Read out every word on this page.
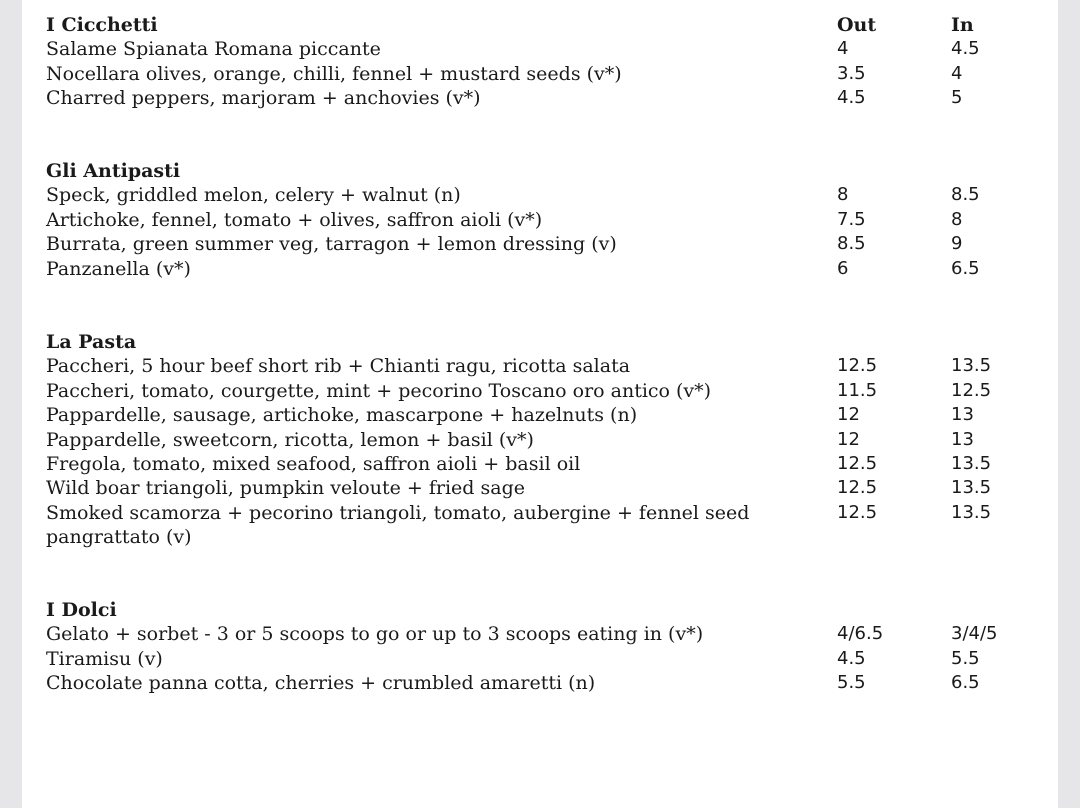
I Cicchetti	Out	In
Salame Spianata Romana piccante	4	4.5
Nocellara olives, orange, chilli, fennel + mustard seeds (v*)	3.5	4
Charred peppers, marjoram + anchovies (v*)	4.5	5
Gli Antipasti
Speck, griddled melon, celery + walnut (n)	8	8.5
Artichoke, fennel, tomato + olives, saffron aioli (v*)	7.5	8
Burrata, green summer veg, tarragon + lemon dressing (v)	8.5	9
Panzanella (v*)	6	6.5
La Pasta
Paccheri, 5 hour beef short rib + Chianti ragu, ricotta salata	12.5	13.5
Paccheri, tomato, courgette, mint + pecorino Toscano oro antico (v*)	11.5	12.5
Pappardelle, sausage, artichoke, mascarpone + hazelnuts (n)	12	13
Pappardelle, sweetcorn, ricotta, lemon + basil (v*)	12	13
Fregola, tomato, mixed seafood, saffron aioli + basil oil	12.5	13.5
Wild boar triangoli, pumpkin veloute + fried sage	12.5	13.5
Smoked scamorza + pecorino triangoli, tomato, aubergine + fennel seed	12.5	13.5
pangrattato (v)
I Dolci
Gelato + sorbet - 3 or 5 scoops to go or up to 3 scoops eating in (v*)	4/6.5	3/4/5
Tiramisu (v)	4.5	5.5
Chocolate panna cotta, cherries + crumbled amaretti (n)	5.5	6.5
